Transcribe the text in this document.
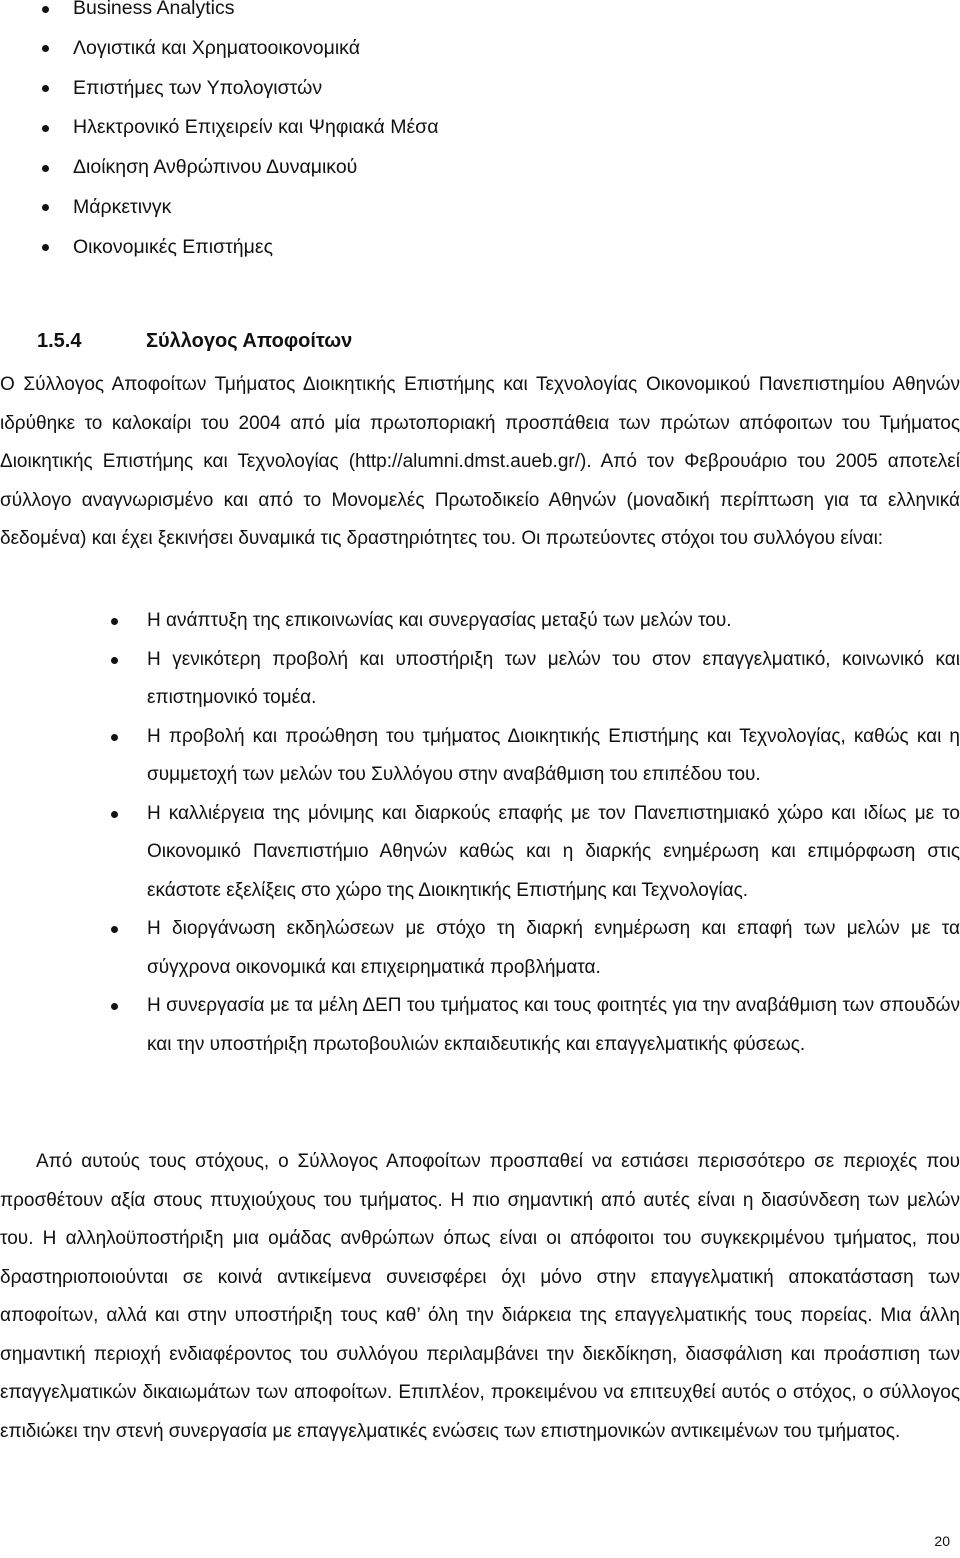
Business Analytics
Λογιστικά και Χρηματοοικονομικά
Επιστήμες των Υπολογιστών
Ηλεκτρονικό Επιχειρείν και Ψηφιακά Μέσα
Διοίκηση Ανθρώπινου Δυναμικού
Μάρκετινγκ
Οικονομικές Επιστήμες
1.5.4	Σύλλογος Αποφοίτων

Ο Σύλλογος Αποφοίτων Τμήματος Διοικητικής Επιστήμης και Τεχνολογίας Οικονομικού Πανεπιστημίου Αθηνών ιδρύθηκε το καλοκαίρι του 2004 από μία πρωτοποριακή προσπάθεια των πρώτων απόφοιτων του Τμήματος Διοικητικής Επιστήμης και Τεχνολογίας (http://alumni.dmst.aueb.gr/). Από τον Φεβρουάριο του 2005 αποτελεί σύλλογο αναγνωρισμένο και από το Μονομελές Πρωτοδικείο Αθηνών (μοναδική περίπτωση για τα ελληνικά δεδομένα) και έχει ξεκινήσει δυναμικά τις δραστηριότητες του. Οι πρωτεύοντες στόχοι του συλλόγου είναι:

Η ανάπτυξη της επικοινωνίας και συνεργασίας μεταξύ των μελών του.
Η γενικότερη προβολή και υποστήριξη των μελών του στον επαγγελματικό, κοινωνικό και επιστημονικό τομέα.
Η προβολή και προώθηση του τμήματος Διοικητικής Επιστήμης και Τεχνολογίας, καθώς και η συμμετοχή των μελών του Συλλόγου στην αναβάθμιση του επιπέδου του.
Η καλλιέργεια της μόνιμης και διαρκούς επαφής με τον Πανεπιστημιακό χώρο και ιδίως με το Οικονομικό Πανεπιστήμιο Αθηνών καθώς και η διαρκής ενημέρωση και επιμόρφωση στις εκάστοτε εξελίξεις στο χώρο της Διοικητικής Επιστήμης και Τεχνολογίας.
Η διοργάνωση εκδηλώσεων με στόχο τη διαρκή ενημέρωση και επαφή των μελών με τα σύγχρονα οικονομικά και επιχειρηματικά προβλήματα.
Η συνεργασία με τα μέλη ΔΕΠ του τμήματος και τους φοιτητές για την αναβάθμιση των σπουδών και την υποστήριξη πρωτοβουλιών εκπαιδευτικής και επαγγελματικής φύσεως.

Από αυτούς τους στόχους, ο Σύλλογος Αποφοίτων προσπαθεί να εστιάσει περισσότερο σε περιοχές που προσθέτουν αξία στους πτυχιούχους του τμήματος. Η πιο σημαντική από αυτές είναι η διασύνδεση των μελών του. Η αλληλοϋποστήριξη μια ομάδας ανθρώπων όπως είναι οι απόφοιτοι του συγκεκριμένου τμήματος, που δραστηριοποιούνται σε κοινά αντικείμενα συνεισφέρει όχι μόνο στην επαγγελματική αποκατάσταση των αποφοίτων, αλλά και στην υποστήριξη τους καθ’ όλη την διάρκεια της επαγγελματικής τους πορείας. Μια άλλη σημαντική περιοχή ενδιαφέροντος του συλλόγου περιλαμβάνει την διεκδίκηση, διασφάλιση και προάσπιση των επαγγελματικών δικαιωμάτων των αποφοίτων. Επιπλέον, προκειμένου να επιτευχθεί αυτός ο στόχος, ο σύλλογος επιδιώκει την στενή συνεργασία με επαγγελματικές ενώσεις των επιστημονικών αντικειμένων του τμήματος.

20
